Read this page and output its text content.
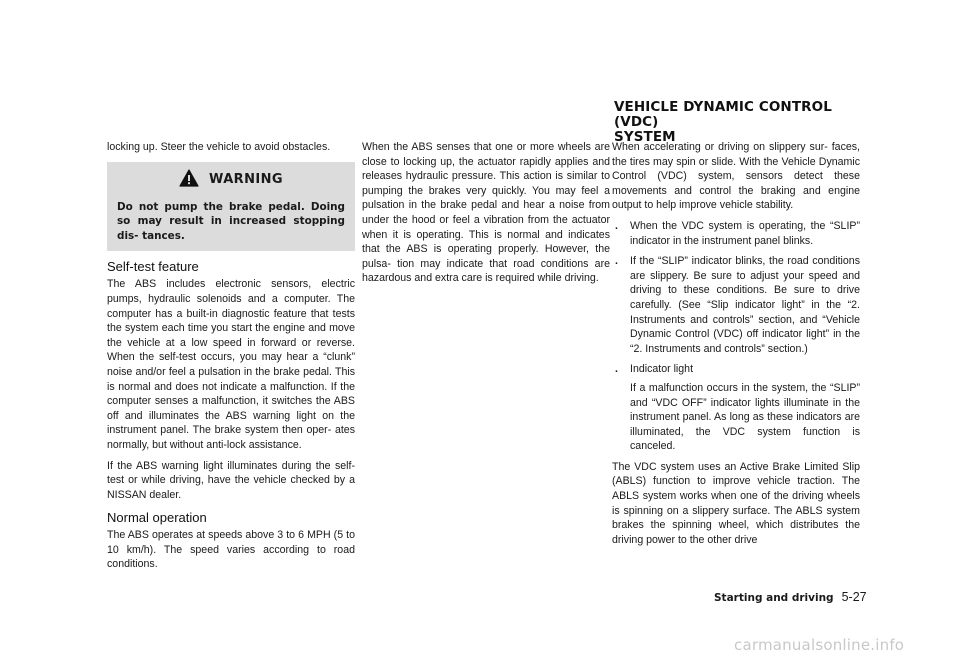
VEHICLE DYNAMIC CONTROL (VDC)
SYSTEM

locking up. Steer the vehicle to avoid obstacles.

WARNING
Do not pump the brake pedal. Doing so may result in increased stopping dis- tances.
Self-test feature

The ABS includes electronic sensors, electric pumps, hydraulic solenoids and a computer. The computer has a built-in diagnostic feature that tests the system each time you start the engine and move the vehicle at a low speed in forward or reverse. When the self-test occurs, you may hear a “clunk” noise and/or feel a pulsation in the brake pedal. This is normal and does not indicate a malfunction. If the computer senses a malfunction, it switches the ABS off and illuminates the ABS warning light on the instrument panel. The brake system then oper- ates normally, but without anti-lock assistance.

If the ABS warning light illuminates during the self-test or while driving, have the vehicle checked by a NISSAN dealer.

Normal operation

The ABS operates at speeds above 3 to 6 MPH (5 to 10 km/h). The speed varies according to road conditions.

When the ABS senses that one or more wheels are close to locking up, the actuator rapidly applies and releases hydraulic pressure. This action is similar to pumping the brakes very quickly. You may feel a pulsation in the brake pedal and hear a noise from under the hood or feel a vibration from the actuator when it is operating. This is normal and indicates that the ABS is operating properly. However, the pulsa- tion may indicate that road conditions are hazardous and extra care is required while driving.

When accelerating or driving on slippery sur- faces, the tires may spin or slide. With the Vehicle Dynamic Control (VDC) system, sensors detect these movements and control the braking and engine output to help improve vehicle stability.

. When the VDC system is operating, the “SLIP” indicator in the instrument panel blinks.

. If the “SLIP” indicator blinks, the road conditions are slippery. Be sure to adjust your speed and driving to these conditions. Be sure to drive carefully. (See “Slip indicator light” in the “2. Instruments and controls” section, and “Vehicle Dynamic Control (VDC) off indicator light” in the “2. Instruments and controls” section.)

. Indicator light

If a malfunction occurs in the system, the “SLIP” and “VDC OFF” indicator lights illuminate in the instrument panel. As long as these indicators are illuminated, the VDC system function is canceled.

The VDC system uses an Active Brake Limited Slip (ABLS) function to improve vehicle traction. The ABLS system works when one of the driving wheels is spinning on a slippery surface. The ABLS system brakes the spinning wheel, which distributes the driving power to the other drive

Starting and driving 5-27
carmanualsonline.info
